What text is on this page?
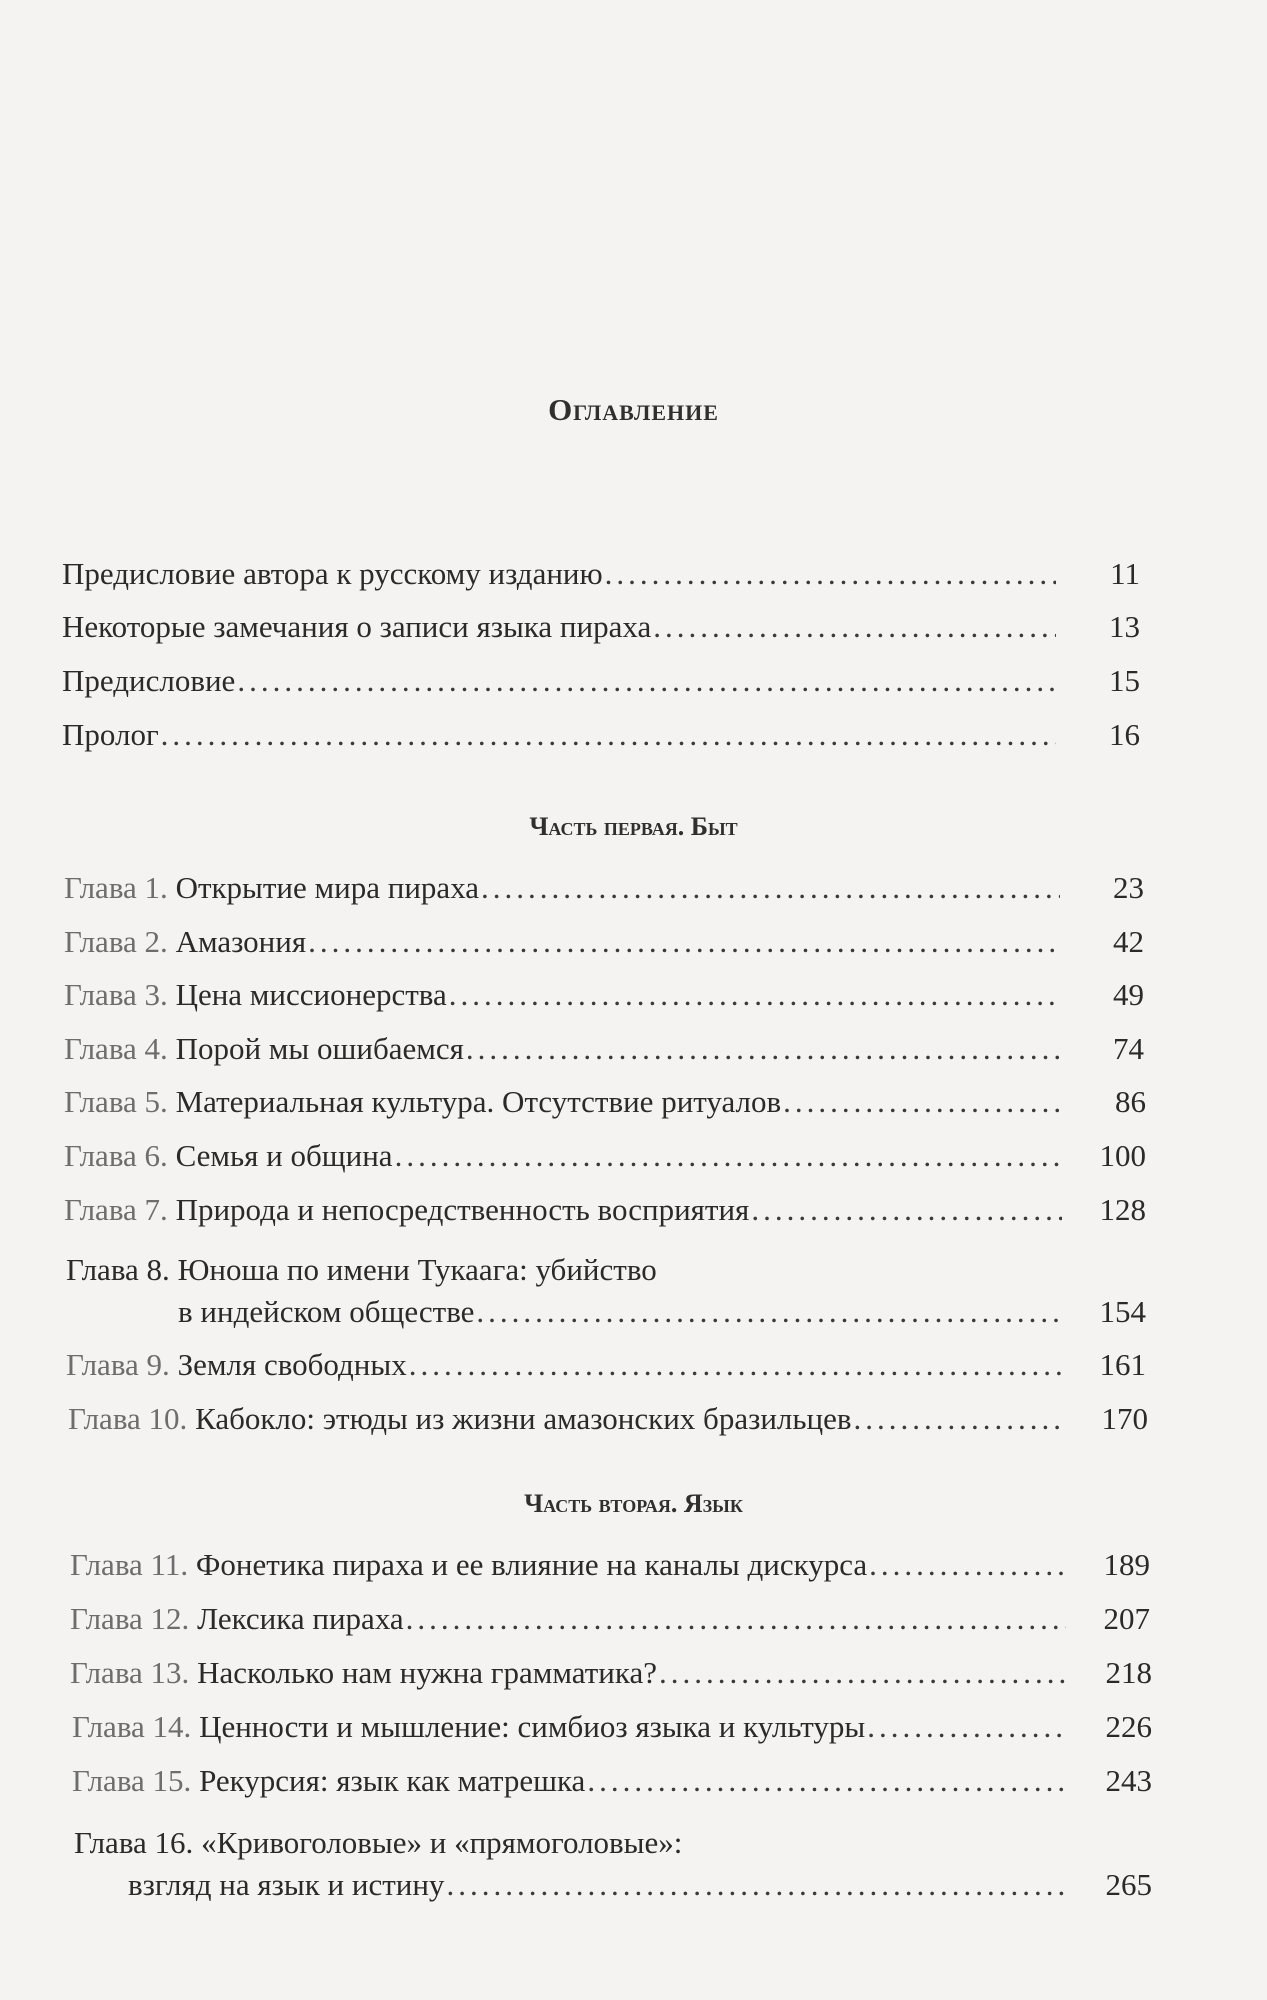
Оглавление
Предисловие автора к русскому изданию .....	11
Некоторые замечания о записи языка пираха .....	13
Предисловие .....	15
Пролог .....	16
Часть первая. Быт
Глава 1. Открытие мира пираха .....	23
Глава 2. Амазония .....	42
Глава 3. Цена миссионерства .....	49
Глава 4. Порой мы ошибаемся .....	74
Глава 5. Материальная культура. Отсутствие ритуалов .....	86
Глава 6. Семья и община .....	100
Глава 7. Природа и непосредственность восприятия .....	128
Глава 8. Юноша по имени Тукаага: убийство
в индейском обществе .....	154
Глава 9. Земля свободных .....	161
Глава 10. Кабокло: этюды из жизни амазонских бразильцев .....	170
Часть вторая. Язык
Глава 11. Фонетика пираха и ее влияние на каналы дискурса .....	189
Глава 12. Лексика пираха .....	207
Глава 13. Насколько нам нужна грамматика? .....	218
Глава 14. Ценности и мышление: симбиоз языка и культуры .....	226
Глава 15. Рекурсия: язык как матрешка .....	243
Глава 16. «Кривоголовые» и «прямоголовые»:
взгляд на язык и истину .....	265
